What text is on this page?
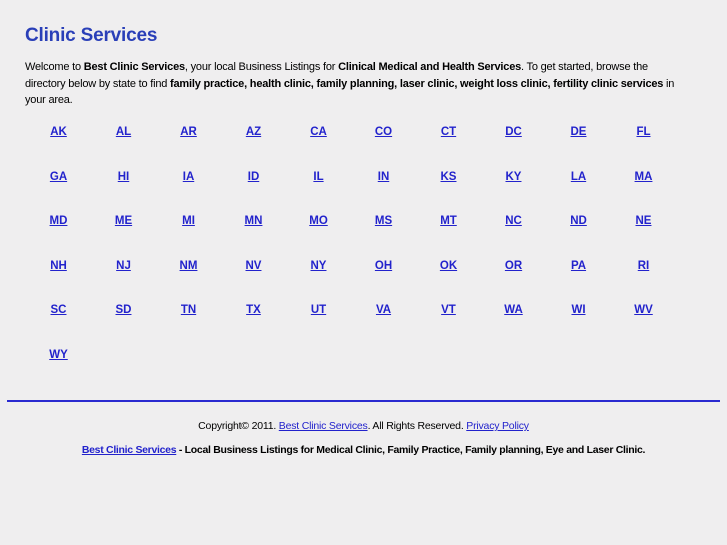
Clinic Services

Welcome to Best Clinic Services, your local Business Listings for Clinical Medical and Health Services. To get started, browse the directory below by state to find family practice, health clinic, family planning, laser clinic, weight loss clinic, fertility clinic services in your area.

AK	AL	AR	AZ	CA	CO	CT	DC	DE	FL
GA	HI	IA	ID	IL	IN	KS	KY	LA	MA
MD	ME	MI	MN	MO	MS	MT	NC	ND	NE
NH	NJ	NM	NV	NY	OH	OK	OR	PA	RI
SC	SD	TN	TX	UT	VA	VT	WA	WI	WV
WY
Copyright© 2011. Best Clinic Services. All Rights Reserved. Privacy Policy
Best Clinic Services - Local Business Listings for Medical Clinic, Family Practice, Family planning, Eye and Laser Clinic.
